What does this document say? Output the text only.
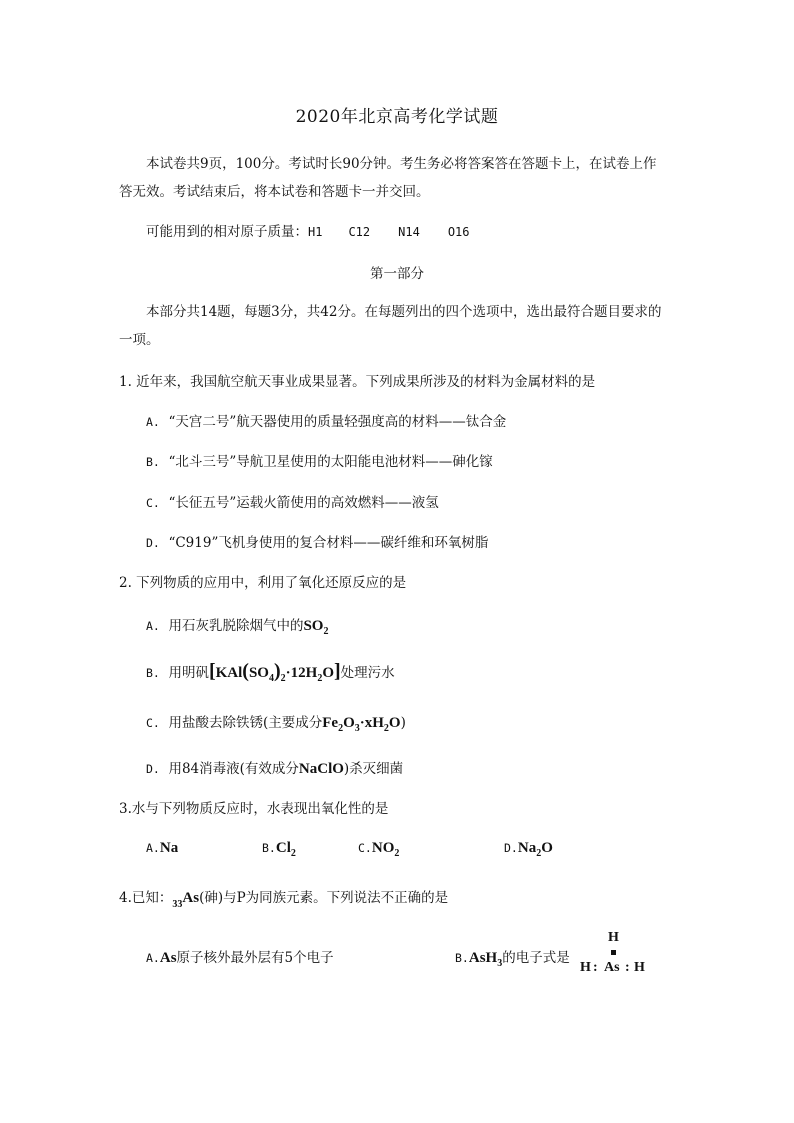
2020年北京高考化学试题
本试卷共9页，100分。考试时长90分钟。考生务必将答案答在答题卡上，在试卷上作
答无效。考试结束后，将本试卷和答题卡一并交回。
可能用到的相对原子质量：H1 C12 N14 O16
第一部分
本部分共14题，每题3分，共42分。在每题列出的四个选项中，选出最符合题目要求的
一项。
1. 近年来，我国航空航天事业成果显著。下列成果所涉及的材料为金属材料的是
A. “天宫二号”航天器使用的质量轻强度高的材料——钛合金
B. “北斗三号”导航卫星使用的太阳能电池材料——砷化镓
C. “长征五号”运载火箭使用的高效燃料——液氢
D. “C919”飞机身使用的复合材料——碳纤维和环氧树脂
2. 下列物质的应用中，利用了氧化还原反应的是
A. 用石灰乳脱除烟气中的$SO_2$
B. 用明矾$[KAl(SO_4)_2\cdot 12H_2O]$处理污水
C. 用盐酸去除铁锈(主要成分$Fe_2O_3\cdot xH_2O$)
D. 用84消毒液(有效成分NaClO)杀灭细菌
3.水与下列物质反应时，水表现出氧化性的是
A.Na	$B.Cl_2$	$C.NO_2$	$D.Na_2O$
4.已知：$_{33}$As(砷)与P为同族元素。下列说法不正确的是
A.As原子核外最外层有5个电子	B.AsH$_3$的电子式是
H
H : As : H
